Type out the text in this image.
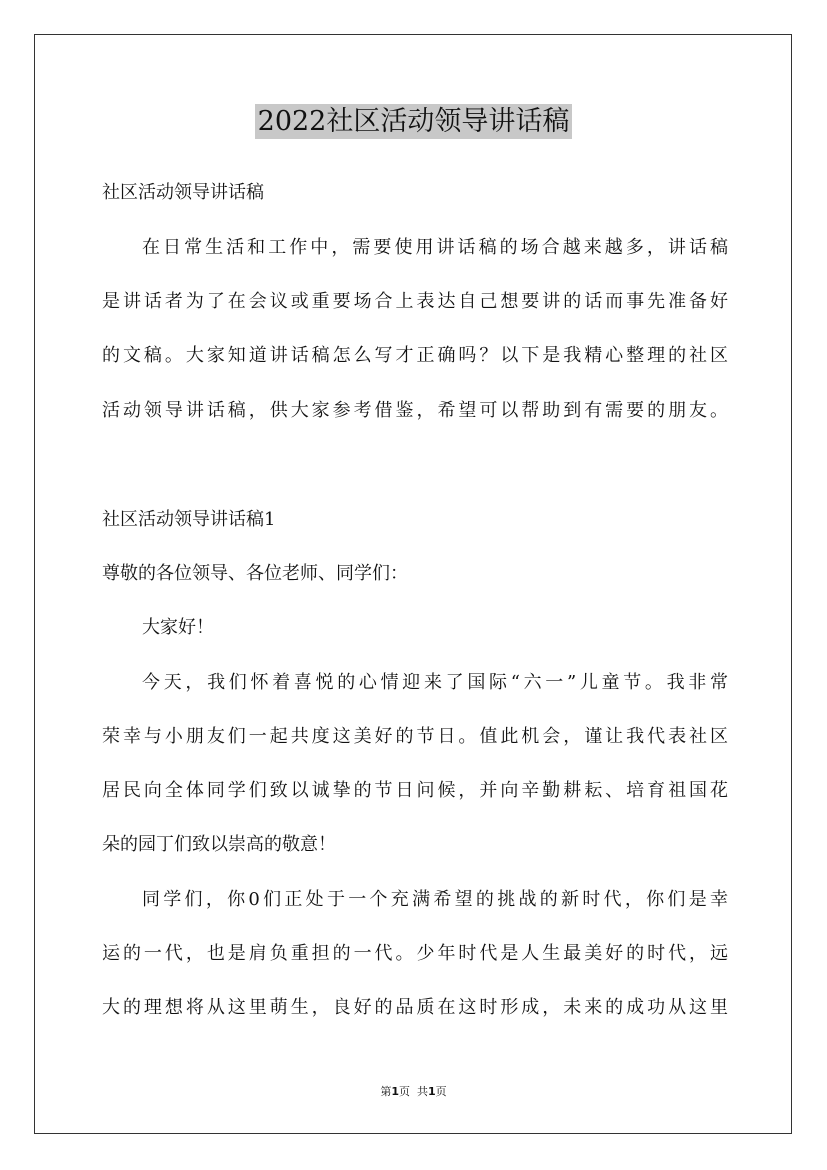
2022社区活动领导讲话稿
社区活动领导讲话稿
在日常生活和工作中，需要使用讲话稿的场合越来越多，讲话稿
是讲话者为了在会议或重要场合上表达自己想要讲的话而事先准备好
的文稿。大家知道讲话稿怎么写才正确吗？以下是我精心整理的社区
活动领导讲话稿，供大家参考借鉴，希望可以帮助到有需要的朋友。
社区活动领导讲话稿1
尊敬的各位领导、各位老师、同学们：
大家好！
今天，我们怀着喜悦的心情迎来了国际“六一”儿童节。我非常
荣幸与小朋友们一起共度这美好的节日。值此机会，谨让我代表社区
居民向全体同学们致以诚挚的节日问候，并向辛勤耕耘、培育祖国花
朵的园丁们致以崇高的敬意！
同学们，你0们正处于一个充满希望的挑战的新时代，你们是幸
运的一代，也是肩负重担的一代。少年时代是人生最美好的时代，远
大的理想将从这里萌生，良好的品质在这时形成，未来的成功从这里
第1页 共1页
